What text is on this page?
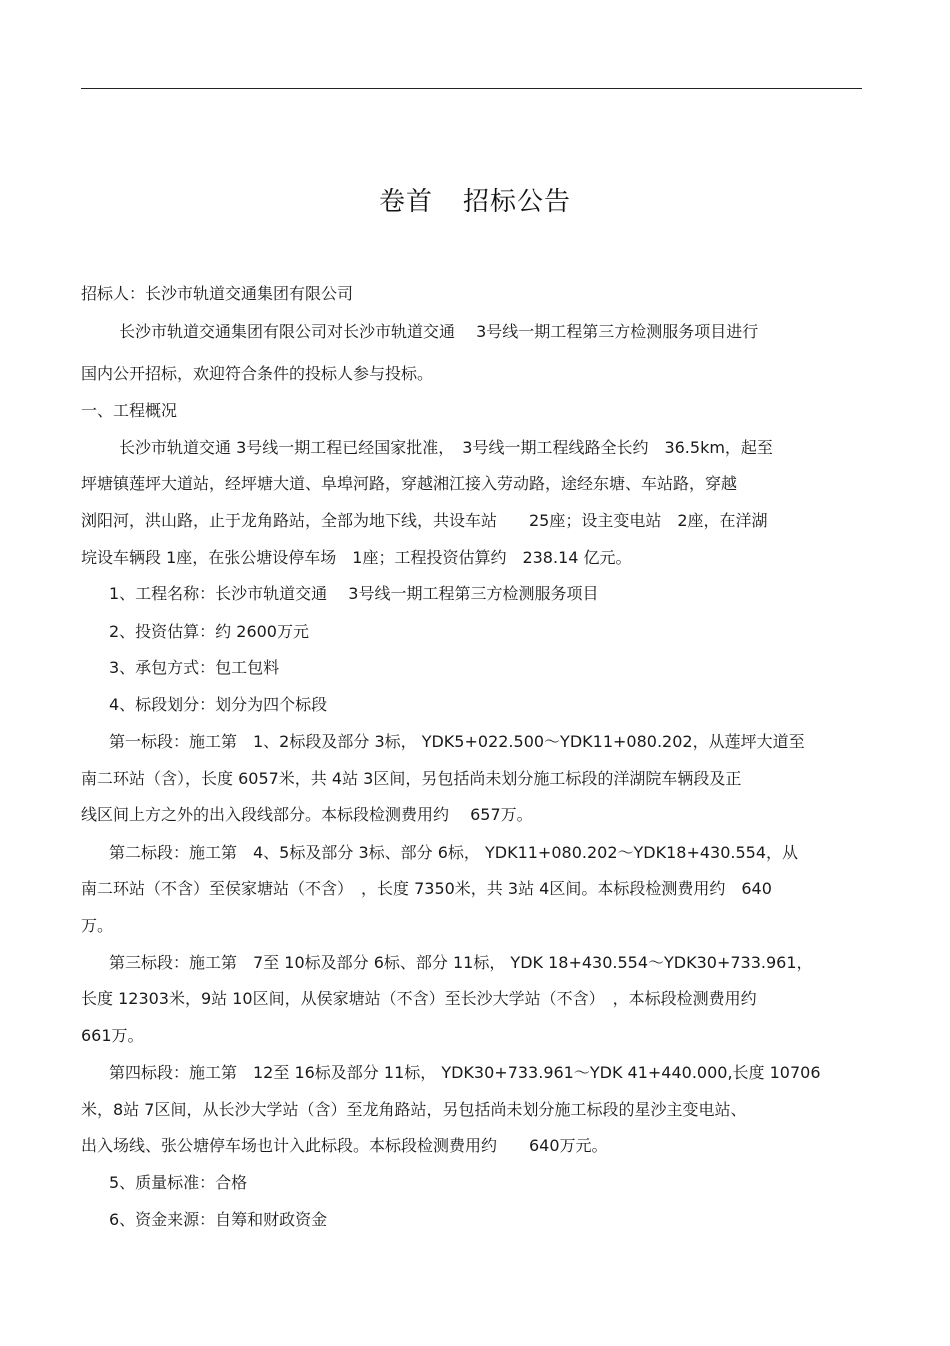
卷首 招标公告
招标人：长沙市轨道交通集团有限公司
长沙市轨道交通集团有限公司对长沙市轨道交通　 3号线一期工程第三方检测服务项目进行
国内公开招标，欢迎符合条件的投标人参与投标。
一、工程概况
长沙市轨道交通 3号线一期工程已经国家批准，　3号线一期工程线路全长约　36.5km，起至
坪塘镇莲坪大道站，经坪塘大道、阜埠河路，穿越湘江接入劳动路，途经东塘、车站路，穿越
浏阳河，洪山路，止于龙角路站，全部为地下线，共设车站　　25座；设主变电站　2座，在洋湖
垸设车辆段 1座，在张公塘设停车场　1座；工程投资估算约　238.14 亿元。
1、工程名称：长沙市轨道交通　 3号线一期工程第三方检测服务项目
2、投资估算：约 2600万元
3、承包方式：包工包料
4、标段划分：划分为四个标段
第一标段：施工第　1、2标段及部分 3标， YDK5+022.500～YDK11+080.202，从莲坪大道至
南二环站（含），长度 6057米，共 4站 3区间，另包括尚未划分施工标段的洋湖院车辆段及正
线区间上方之外的出入段线部分。本标段检测费用约　 657万。
第二标段：施工第　4、5标及部分 3标、部分 6标， YDK11+080.202～YDK18+430.554，从
南二环站（不含）至侯家塘站（不含）　，长度 7350米，共 3站 4区间。本标段检测费用约　640
万。
第三标段：施工第　7至 10标及部分 6标、部分 11标， YDK 18+430.554～YDK30+733.961，
长度 12303米，9站 10区间，从侯家塘站（不含）至长沙大学站（不含）　，本标段检测费用约
661万。
第四标段：施工第　12至 16标及部分 11标， YDK30+733.961～YDK 41+440.000,长度 10706
米，8站 7区间，从长沙大学站（含）至龙角路站，另包括尚未划分施工标段的星沙主变电站、
出入场线、张公塘停车场也计入此标段。本标段检测费用约　　640万元。
5、质量标准：合格
6、资金来源：自筹和财政资金
